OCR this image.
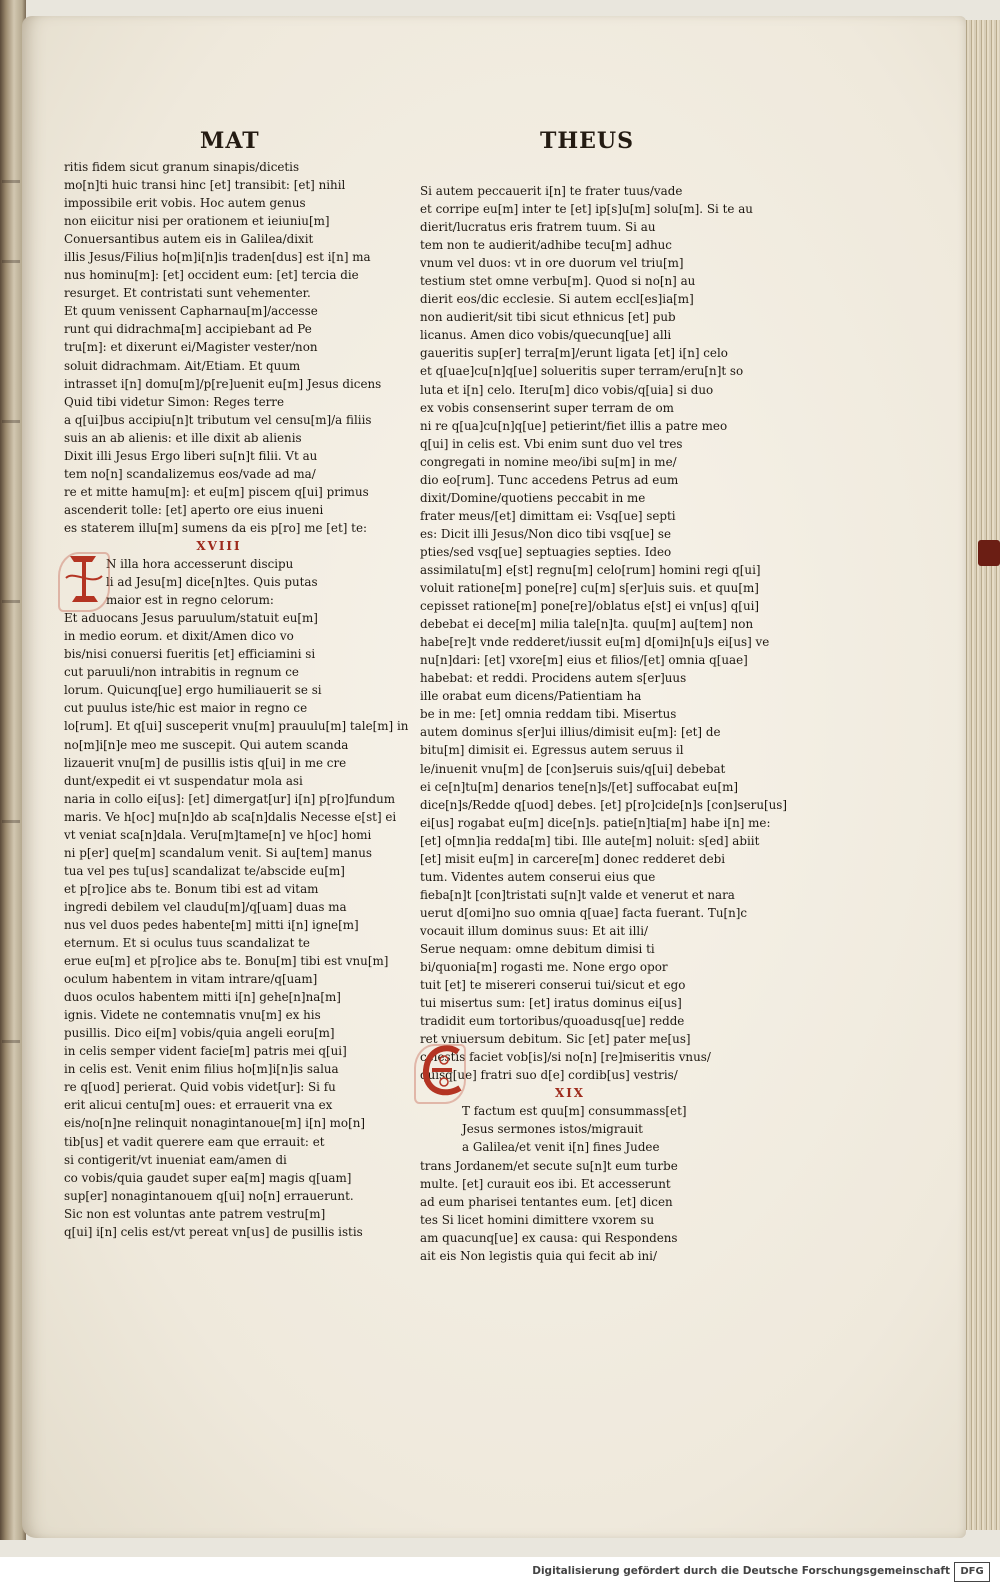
MAT	THEUS
ritis fidem sicut granum sinapis/dicetis
mo[n]ti huic transi hinc [et] transibit: [et] nihil
impossibile erit vobis. Hoc autem genus
non eiicitur nisi per orationem et ieiuniu[m]
Conuersantibus autem eis in Galilea/dixit
illis Jesus/Filius ho[m]i[n]is traden[dus] est i[n] ma
nus hominu[m]: [et] occident eum: [et] tercia die
resurget. Et contristati sunt vehementer.
Et quum venissent Capharnau[m]/accesse
runt qui didrachma[m] accipiebant ad Pe
tru[m]: et dixerunt ei/Magister vester/non
soluit didrachmam. Ait/Etiam. Et quum
intrasset i[n] domu[m]/p[re]uenit eu[m] Jesus dicens
Quid tibi videtur Simon: Reges terre
a q[ui]bus accipiu[n]t tributum vel censu[m]/a filiis
suis an ab alienis: et ille dixit ab alienis
Dixit illi Jesus Ergo liberi su[n]t filii. Vt au
tem no[n] scandalizemus eos/vade ad ma/
re et mitte hamu[m]: et eu[m] piscem q[ui] primus
ascenderit tolle: [et] aperto ore eius inueni
es staterem illu[m] sumens da eis p[ro] me [et] te:
XVIII
N illa hora accesserunt discipu
li ad Jesu[m] dice[n]tes. Quis putas
maior est in regno celorum:
Et aduocans Jesus paruulum/statuit eu[m]
in medio eorum. et dixit/Amen dico vo
bis/nisi conuersi fueritis [et] efficiamini si
cut paruuli/non intrabitis in regnum ce
lorum. Quicunq[ue] ergo humiliauerit se si
cut puulus iste/hic est maior in regno ce
lo[rum]. Et q[ui] susceperit vnu[m] prauulu[m] tale[m] in
no[m]i[n]e meo me suscepit. Qui autem scanda
lizauerit vnu[m] de pusillis istis q[ui] in me cre
dunt/expedit ei vt suspendatur mola asi
naria in collo ei[us]: [et] dimergat[ur] i[n] p[ro]fundum
maris. Ve h[oc] mu[n]do ab sca[n]dalis Necesse e[st] ei
vt veniat sca[n]dala. Veru[m]tame[n] ve h[oc] homi
ni p[er] que[m] scandalum venit. Si au[tem] manus
tua vel pes tu[us] scandalizat te/abscide eu[m]
et p[ro]ice abs te. Bonum tibi est ad vitam
ingredi debilem vel claudu[m]/q[uam] duas ma
nus vel duos pedes habente[m] mitti i[n] igne[m]
eternum. Et si oculus tuus scandalizat te
erue eu[m] et p[ro]ice abs te. Bonu[m] tibi est vnu[m]
oculum habentem in vitam intrare/q[uam]
duos oculos habentem mitti i[n] gehe[n]na[m]
ignis. Videte ne contemnatis vnu[m] ex his
pusillis. Dico ei[m] vobis/quia angeli eoru[m]
in celis semper vident facie[m] patris mei q[ui]
in celis est. Venit enim filius ho[m]i[n]is salua
re q[uod] perierat. Quid vobis videt[ur]: Si fu
erit alicui centu[m] oues: et errauerit vna ex
eis/no[n]ne relinquit nonagintanoue[m] i[n] mo[n]
tib[us] et vadit querere eam que errauit: et
si contigerit/vt inueniat eam/amen di
co vobis/quia gaudet super ea[m] magis q[uam]
sup[er] nonagintanouem q[ui] no[n] errauerunt.
Sic non est voluntas ante patrem vestru[m]
q[ui] i[n] celis est/vt pereat vn[us] de pusillis istis
Si autem peccauerit i[n] te frater tuus/vade
et corripe eu[m] inter te [et] ip[s]u[m] solu[m]. Si te au
dierit/lucratus eris fratrem tuum. Si au
tem non te audierit/adhibe tecu[m] adhuc
vnum vel duos: vt in ore duorum vel triu[m]
testium stet omne verbu[m]. Quod si no[n] au
dierit eos/dic ecclesie. Si autem eccl[es]ia[m]
non audierit/sit tibi sicut ethnicus [et] pub
licanus. Amen dico vobis/quecunq[ue] alli
gaueritis sup[er] terra[m]/erunt ligata [et] i[n] celo
et q[uae]cu[n]q[ue] solueritis super terram/eru[n]t so
luta et i[n] celo. Iteru[m] dico vobis/q[uia] si duo
ex vobis consenserint super terram de om
ni re q[ua]cu[n]q[ue] petierint/fiet illis a patre meo
q[ui] in celis est. Vbi enim sunt duo vel tres
congregati in nomine meo/ibi su[m] in me/
dio eo[rum]. Tunc accedens Petrus ad eum
dixit/Domine/quotiens peccabit in me
frater meus/[et] dimittam ei: Vsq[ue] septi
es: Dicit illi Jesus/Non dico tibi vsq[ue] se
pties/sed vsq[ue] septuagies septies. Ideo
assimilatu[m] e[st] regnu[m] celo[rum] homini regi q[ui]
voluit ratione[m] pone[re] cu[m] s[er]uis suis. et quu[m]
cepisset ratione[m] pone[re]/oblatus e[st] ei vn[us] q[ui]
debebat ei dece[m] milia tale[n]ta. quu[m] au[tem] non
habe[re]t vnde redderet/iussit eu[m] d[omi]n[u]s ei[us] ve
nu[n]dari: [et] vxore[m] eius et filios/[et] omnia q[uae]
habebat: et reddi. Procidens autem s[er]uus
ille orabat eum dicens/Patientiam ha
be in me: [et] omnia reddam tibi. Misertus
autem dominus s[er]ui illius/dimisit eu[m]: [et] de
bitu[m] dimisit ei. Egressus autem seruus il
le/inuenit vnu[m] de [con]seruis suis/q[ui] debebat
ei ce[n]tu[m] denarios tene[n]s/[et] suffocabat eu[m]
dice[n]s/Redde q[uod] debes. [et] p[ro]cide[n]s [con]seru[us]
ei[us] rogabat eu[m] dice[n]s. patie[n]tia[m] habe i[n] me:
[et] o[mn]ia redda[m] tibi. Ille aute[m] noluit: s[ed] abiit
[et] misit eu[m] in carcere[m] donec redderet debi
tum. Videntes autem conserui eius que
fieba[n]t [con]tristati su[n]t valde et venerut et nara
uerut d[omi]no suo omnia q[uae] facta fuerant. Tu[n]c
vocauit illum dominus suus: Et ait illi/
Serue nequam: omne debitum dimisi ti
bi/quonia[m] rogasti me. None ergo opor
tuit [et] te misereri conserui tui/sicut et ego
tui misertus sum: [et] iratus dominus ei[us]
tradidit eum tortoribus/quoadusq[ue] redde
ret vniuersum debitum. Sic [et] pater me[us]
celestis faciet vob[is]/si no[n] [re]miseritis vnus/
quisq[ue] fratri suo d[e] cordib[us] vestris/
XIX
T factum est quu[m] consummass[et]
Jesus sermones istos/migrauit
a Galilea/et venit i[n] fines Judee
trans Jordanem/et secute su[n]t eum turbe
multe. [et] curauit eos ibi. Et accesserunt
ad eum pharisei tentantes eum. [et] dicen
tes Si licet homini dimittere vxorem su
am quacunq[ue] ex causa: qui Respondens
ait eis Non legistis quia qui fecit ab ini/
Digitalisierung gefördert durch die Deutsche Forschungsgemeinschaft	DFG
